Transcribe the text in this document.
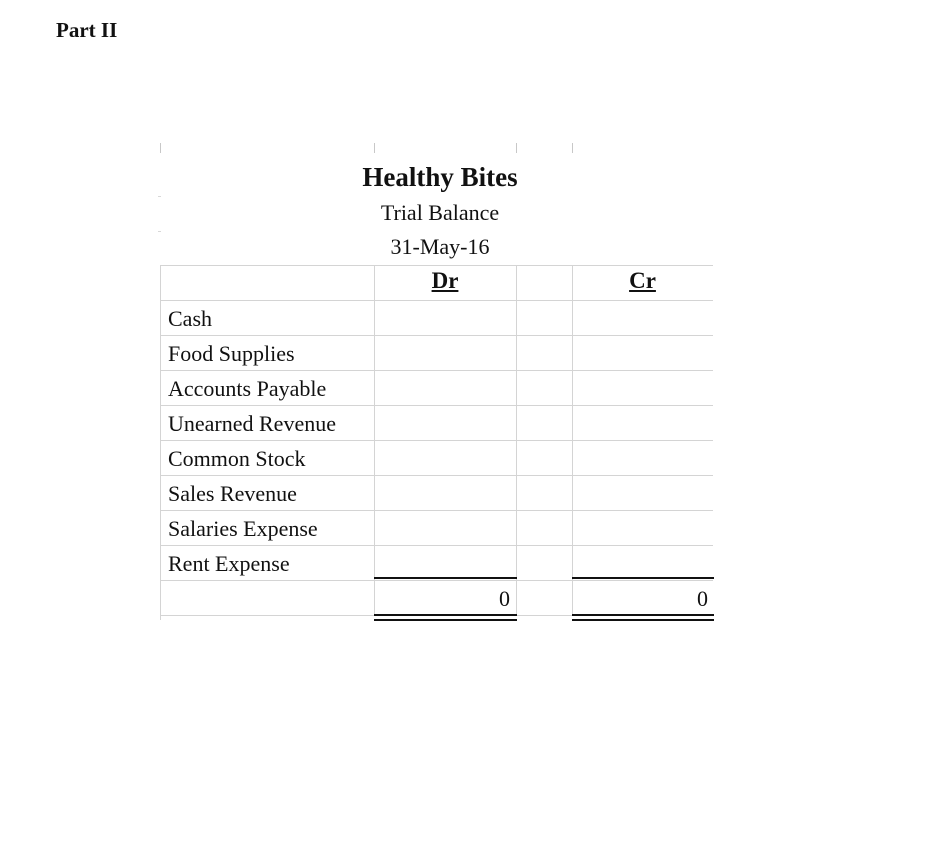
Part II
Healthy Bites
Trial Balance
31-May-16
Dr	Cr
Cash
Food Supplies
Accounts Payable
Unearned Revenue
Common Stock
Sales Revenue
Salaries Expense
Rent Expense
0	0
